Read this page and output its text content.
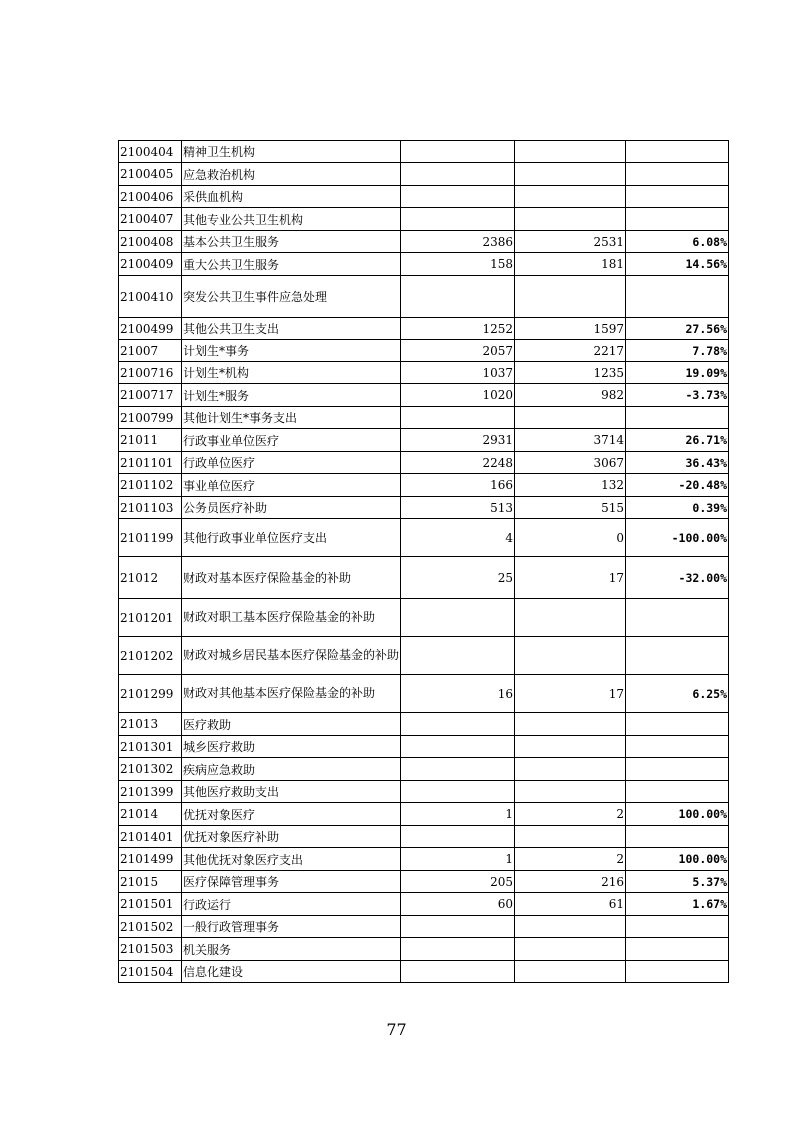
2100404	精神卫生机构			
2100405	应急救治机构			
2100406	采供血机构			
2100407	其他专业公共卫生机构			
2100408	基本公共卫生服务	2386	2531	6.08%
2100409	重大公共卫生服务	158	181	14.56%
2100410	突发公共卫生事件应急处理			
2100499	其他公共卫生支出	1252	1597	27.56%
21007	计划生*事务	2057	2217	7.78%
2100716	计划生*机构	1037	1235	19.09%
2100717	计划生*服务	1020	982	-3.73%
2100799	其他计划生*事务支出			
21011	行政事业单位医疗	2931	3714	26.71%
2101101	行政单位医疗	2248	3067	36.43%
2101102	事业单位医疗	166	132	-20.48%
2101103	公务员医疗补助	513	515	0.39%
2101199	其他行政事业单位医疗支出	4	0	-100.00%
21012	财政对基本医疗保险基金的补助	25	17	-32.00%
2101201	财政对职工基本医疗保险基金的补助			
2101202	财政对城乡居民基本医疗保险基金的补助			
2101299	财政对其他基本医疗保险基金的补助	16	17	6.25%
21013	医疗救助			
2101301	城乡医疗救助			
2101302	疾病应急救助			
2101399	其他医疗救助支出			
21014	优抚对象医疗	1	2	100.00%
2101401	优抚对象医疗补助			
2101499	其他优抚对象医疗支出	1	2	100.00%
21015	医疗保障管理事务	205	216	5.37%
2101501	行政运行	60	61	1.67%
2101502	一般行政管理事务			
2101503	机关服务			
2101504	信息化建设			
77
